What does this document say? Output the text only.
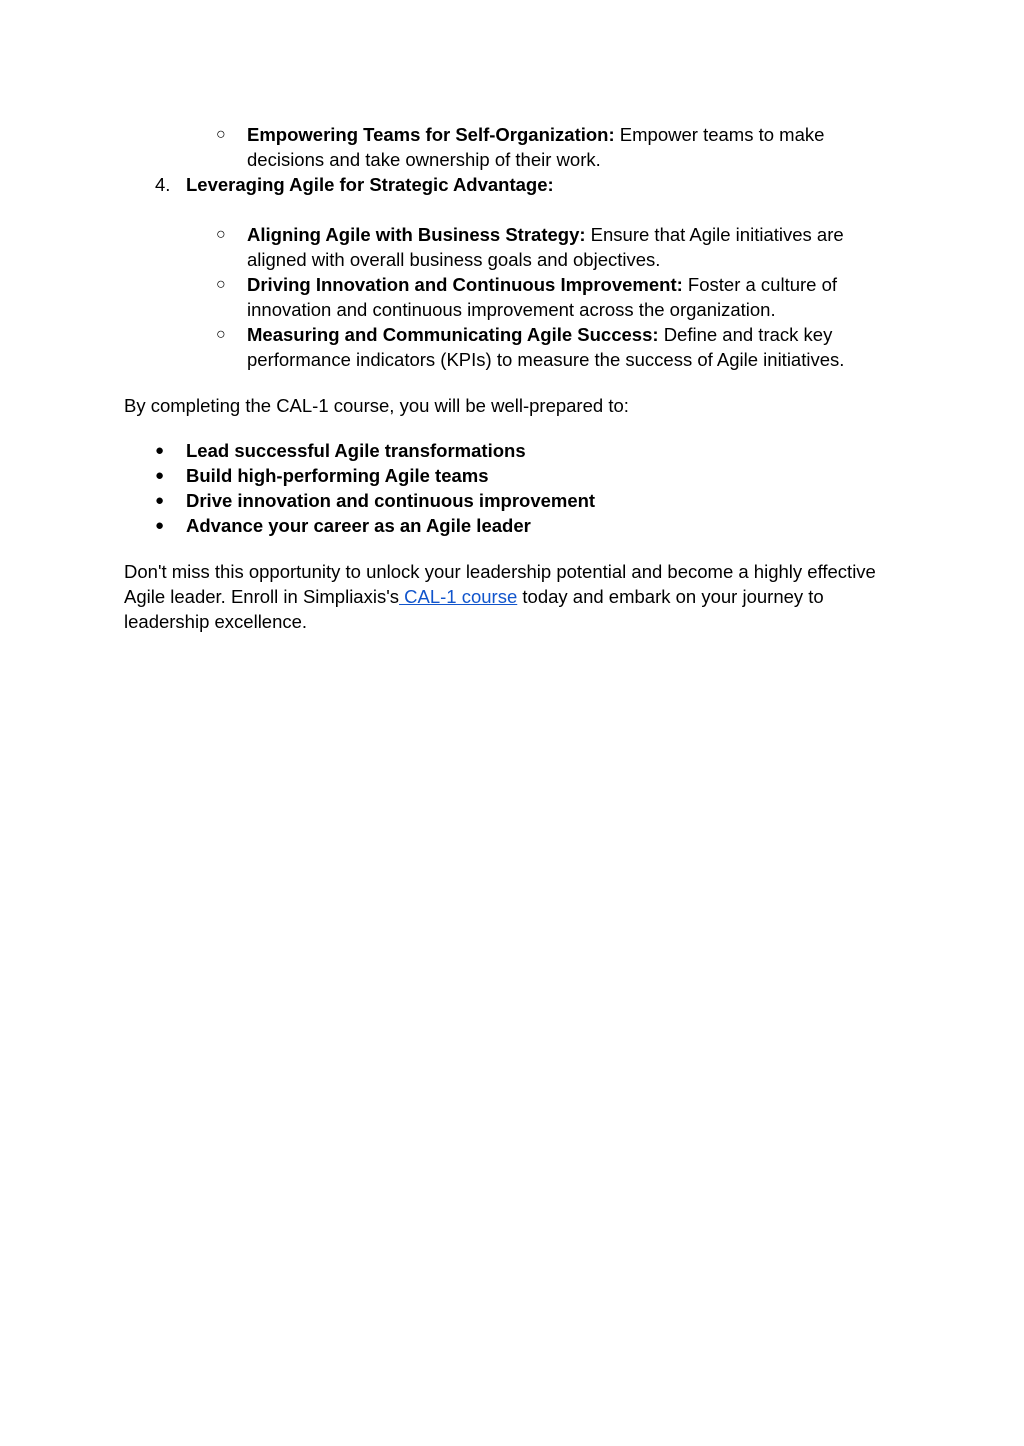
○ Empowering Teams for Self-Organization: Empower teams to make decisions and take ownership of their work.
4. Leveraging Agile for Strategic Advantage:
○ Aligning Agile with Business Strategy: Ensure that Agile initiatives are aligned with overall business goals and objectives.
○ Driving Innovation and Continuous Improvement: Foster a culture of innovation and continuous improvement across the organization.
○ Measuring and Communicating Agile Success: Define and track key performance indicators (KPIs) to measure the success of Agile initiatives.

By completing the CAL-1 course, you will be well-prepared to:

● Lead successful Agile transformations
● Build high-performing Agile teams
● Drive innovation and continuous improvement
● Advance your career as an Agile leader

Don't miss this opportunity to unlock your leadership potential and become a highly effective Agile leader. Enroll in Simpliaxis's CAL-1 course today and embark on your journey to leadership excellence.
